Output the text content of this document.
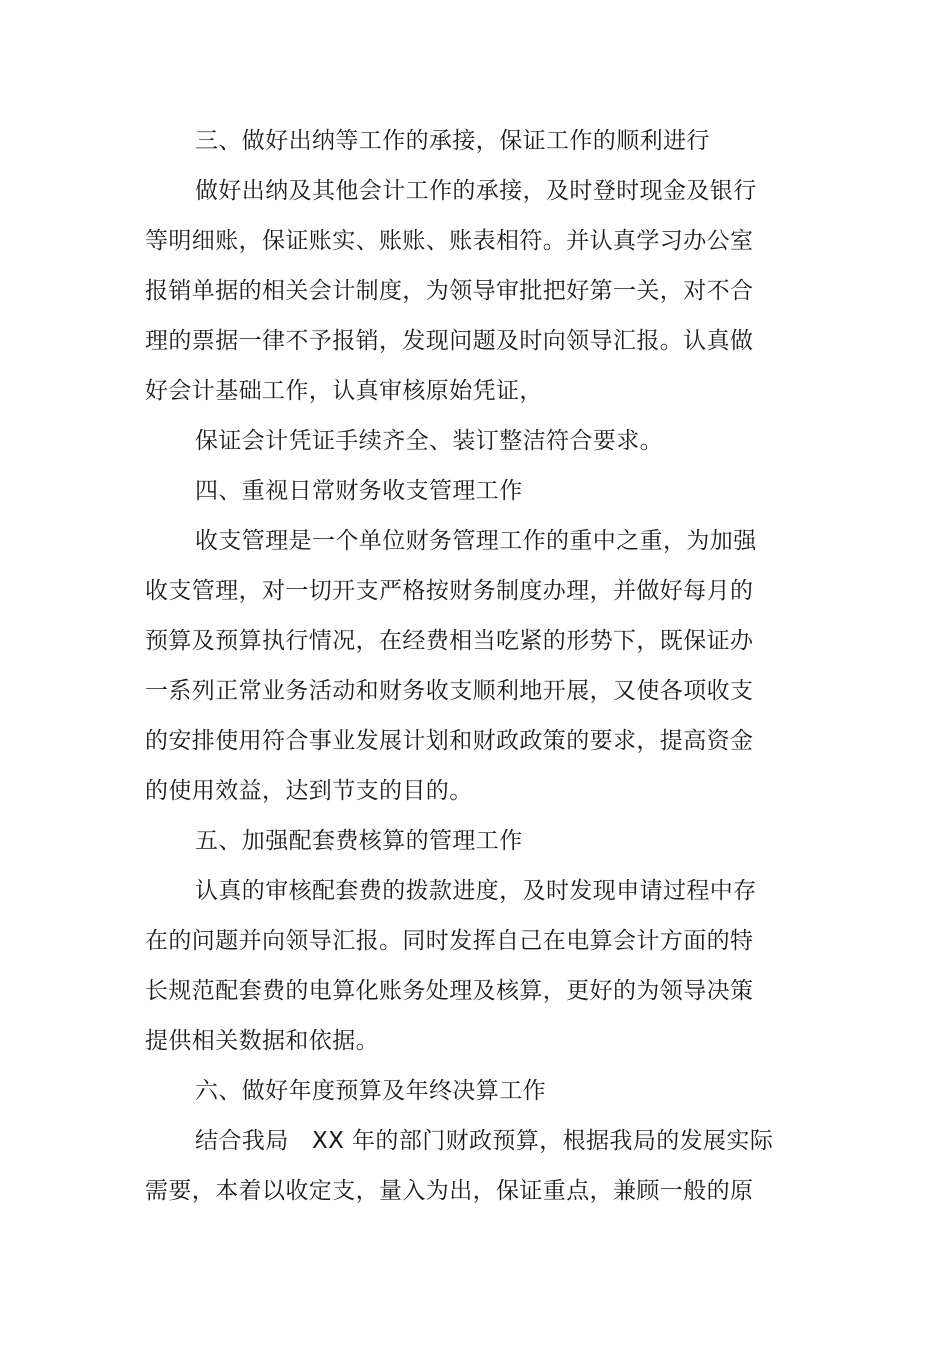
三、做好出纳等工作的承接，保证工作的顺利进行
做好出纳及其他会计工作的承接，及时登时现金及银行
等明细账，保证账实、账账、账表相符。并认真学习办公室
报销单据的相关会计制度，为领导审批把好第一关，对不合
理的票据一律不予报销，发现问题及时向领导汇报。认真做
好会计基础工作，认真审核原始凭证，
保证会计凭证手续齐全、装订整洁符合要求。
四、重视日常财务收支管理工作
收支管理是一个单位财务管理工作的重中之重，为加强
收支管理，对一切开支严格按财务制度办理，并做好每月的
预算及预算执行情况，在经费相当吃紧的形势下，既保证办
一系列正常业务活动和财务收支顺利地开展，又使各项收支
的安排使用符合事业发展计划和财政政策的要求，提高资金
的使用效益，达到节支的目的。
五、加强配套费核算的管理工作
认真的审核配套费的拨款进度，及时发现申请过程中存
在的问题并向领导汇报。同时发挥自己在电算会计方面的特
长规范配套费的电算化账务处理及核算，更好的为领导决策
提供相关数据和依据。
六、做好年度预算及年终决算工作
结合我局　XX 年的部门财政预算，根据我局的发展实际
需要，本着以收定支，量入为出，保证重点，兼顾一般的原
